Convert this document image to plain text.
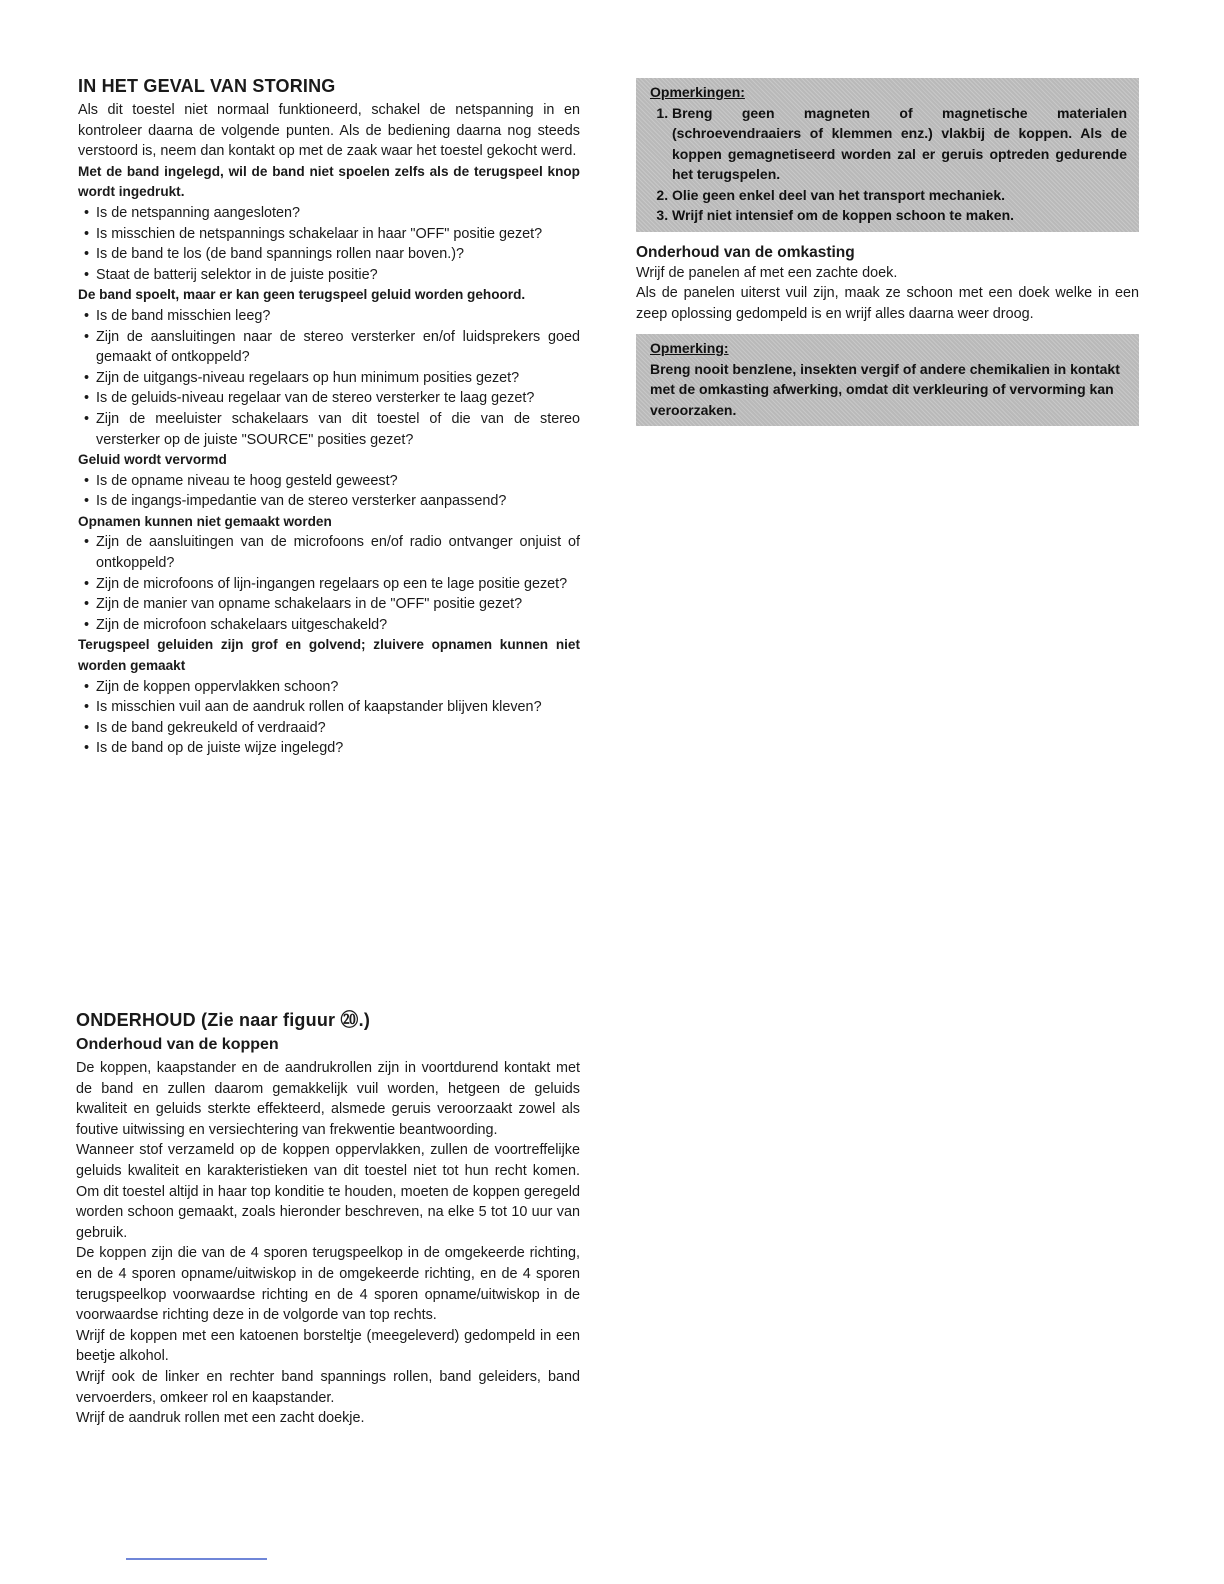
IN HET GEVAL VAN STORING

Als dit toestel niet normaal funktioneerd, schakel de netspanning in en kontroleer daarna de volgende punten. Als de bediening daarna nog steeds verstoord is, neem dan kontakt op met de zaak waar het toestel gekocht werd.

Met de band ingelegd, wil de band niet spoelen zelfs als de terugspeel knop wordt ingedrukt.

• Is de netspanning aangesloten?
• Is misschien de netspannings schakelaar in haar "OFF" positie gezet?
• Is de band te los (de band spannings rollen naar boven.)?
• Staat de batterij selektor in de juiste positie?

De band spoelt, maar er kan geen terugspeel geluid worden gehoord.

• Is de band misschien leeg?
• Zijn de aansluitingen naar de stereo versterker en/of luidsprekers goed gemaakt of ontkoppeld?
• Zijn de uitgangs-niveau regelaars op hun minimum posities gezet?
• Is de geluids-niveau regelaar van de stereo versterker te laag gezet?
• Zijn de meeluister schakelaars van dit toestel of die van de stereo versterker op de juiste "SOURCE" posities gezet?

Geluid wordt vervormd

• Is de opname niveau te hoog gesteld geweest?
• Is de ingangs-impedantie van de stereo versterker aanpassend?

Opnamen kunnen niet gemaakt worden

• Zijn de aansluitingen van de microfoons en/of radio ontvanger onjuist of ontkoppeld?
• Zijn de microfoons of lijn-ingangen regelaars op een te lage positie gezet?
• Zijn de manier van opname schakelaars in de "OFF" positie gezet?
• Zijn de microfoon schakelaars uitgeschakeld?

Terugspeel geluiden zijn grof en golvend; zluivere opnamen kunnen niet worden gemaakt

• Zijn de koppen oppervlakken schoon?
• Is misschien vuil aan de aandruk rollen of kaapstander blijven kleven?
• Is de band gekreukeld of verdraaid?
• Is de band op de juiste wijze ingelegd?
ONDERHOUD (Zie naar figuur ⑳.)
Onderhoud van de koppen

De koppen, kaapstander en de aandrukrollen zijn in voortdurend kontakt met de band en zullen daarom gemakkelijk vuil worden, hetgeen de geluids kwaliteit en geluids sterkte effekteerd, alsmede geruis veroorzaakt zowel als foutive uitwissing en versiechtering van frekwentie beantwoording.

Wanneer stof verzameld op de koppen oppervlakken, zullen de voortreffelijke geluids kwaliteit en karakteristieken van dit toestel niet tot hun recht komen. Om dit toestel altijd in haar top konditie te houden, moeten de koppen geregeld worden schoon gemaakt, zoals hieronder beschreven, na elke 5 tot 10 uur van gebruik.

De koppen zijn die van de 4 sporen terugspeelkop in de omgekeerde richting, en de 4 sporen opname/uitwiskop in de omgekeerde richting, en de 4 sporen terugspeelkop voorwaardse richting en de 4 sporen opname/uitwiskop in de voorwaardse richting deze in de volgorde van top rechts.

Wrijf de koppen met een katoenen borsteltje (meegeleverd) gedompeld in een beetje alkohol.

Wrijf ook de linker en rechter band spannings rollen, band geleiders, band vervoerders, omkeer rol en kaapstander.

Wrijf de aandruk rollen met een zacht doekje.

Opmerkingen:
1. Breng geen magneten of magnetische materialen (schroevendraaiers of klemmen enz.) vlakbij de koppen. Als de koppen gemagnetiseerd worden zal er geruis optreden gedurende het terugspelen.
2. Olie geen enkel deel van het transport mechaniek.
3. Wrijf niet intensief om de koppen schoon te maken.
Onderhoud van de omkasting

Wrijf de panelen af met een zachte doek.

Als de panelen uiterst vuil zijn, maak ze schoon met een doek welke in een zeep oplossing gedompeld is en wrijf alles daarna weer droog.

Opmerking:
Breng nooit benzlene, insekten vergif of andere chemikalien in kontakt met de omkasting afwerking, omdat dit verkleuring of vervorming kan veroorzaken.
